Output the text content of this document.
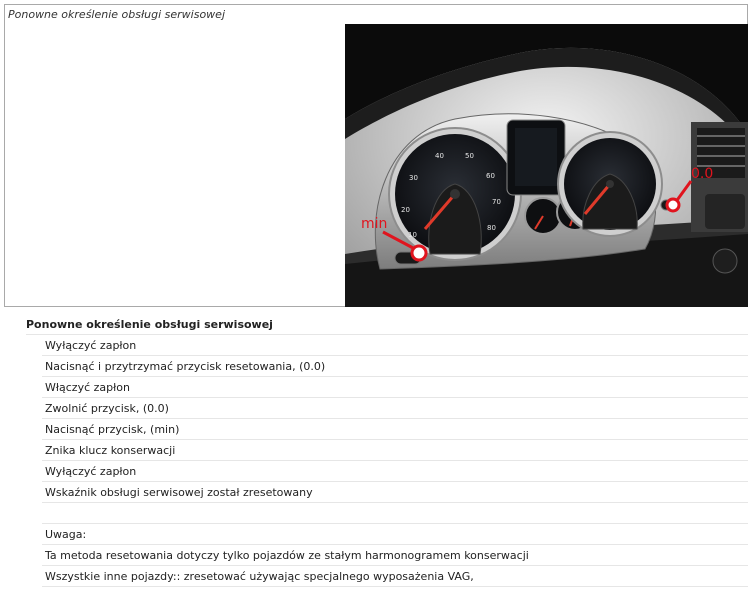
Ponowne określenie obsługi serwisowej
10
20
30
40	50
60
70
80
min
0.0
Ponowne określenie obsługi serwisowej
Wyłączyć zapłon
Nacisnąć i przytrzymać przycisk resetowania, (0.0)
Włączyć zapłon
Zwolnić przycisk, (0.0)
Nacisnąć przycisk, (min)
Znika klucz konserwacji
Wyłączyć zapłon
Wskaźnik obsługi serwisowej został zresetowany
Uwaga:
Ta metoda resetowania dotyczy tylko pojazdów ze stałym harmonogramem konserwacji
Wszystkie inne pojazdy:: zresetować używając specjalnego wyposażenia VAG,
